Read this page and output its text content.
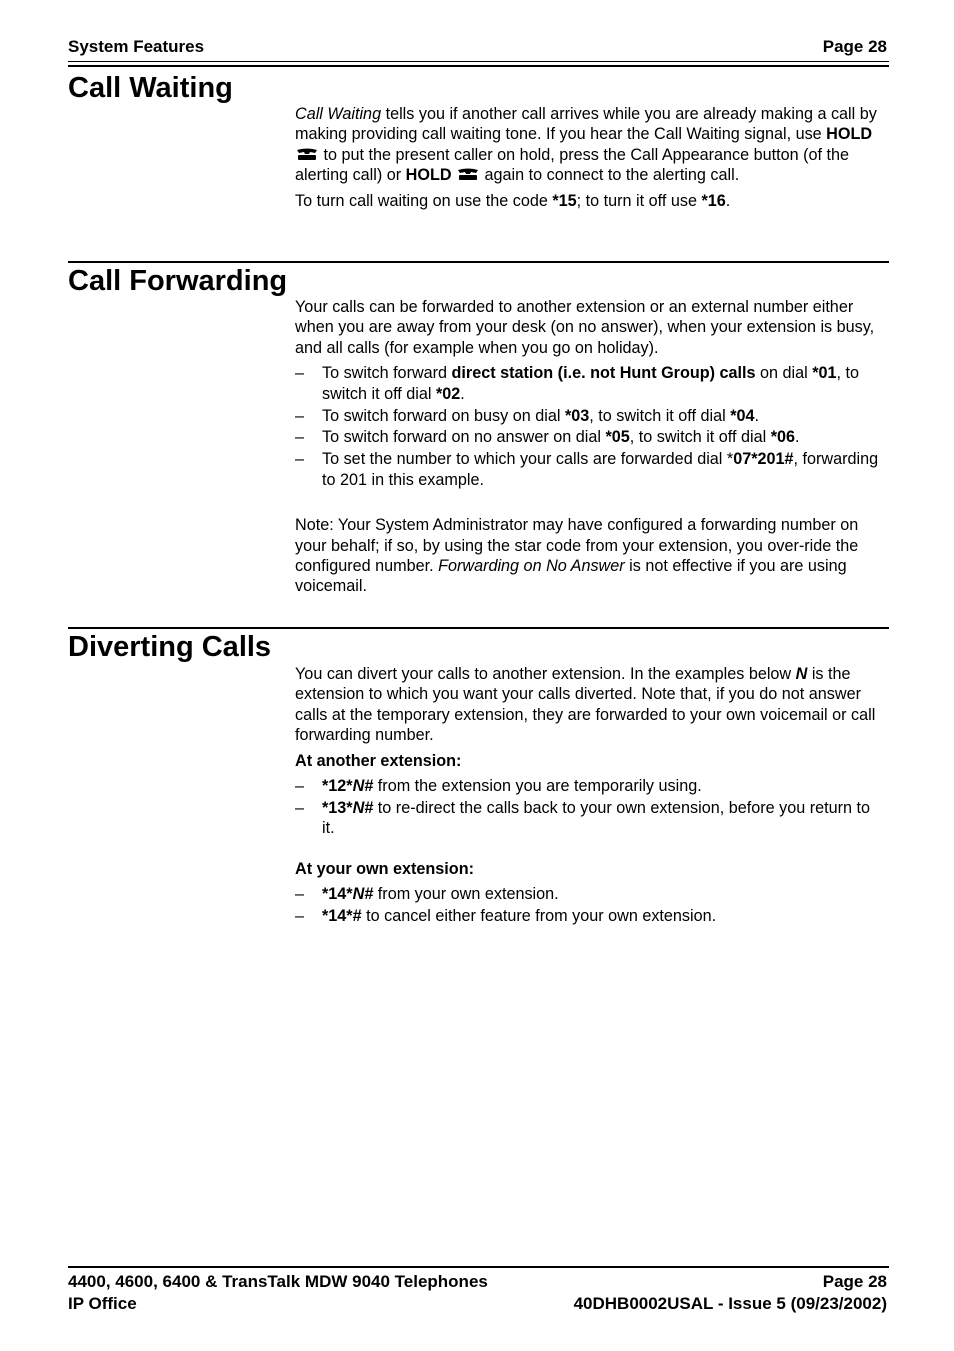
System Features	Page 28
Call Waiting

Call Waiting tells you if another call arrives while you are already making a call by making providing call waiting tone. If you hear the Call Waiting signal, use HOLD  to put the present caller on hold, press the Call Appearance button (of the alerting call) or HOLD  again to connect to the alerting call.

To turn call waiting on use the code *15; to turn it off use *16.

Call Forwarding

Your calls can be forwarded to another extension or an external number either when you are away from your desk (on no answer), when your extension is busy, and all calls (for example when you go on holiday).

– To switch forward direct station (i.e. not Hunt Group) calls on dial *01, to switch it off dial *02.
– To switch forward on busy on dial *03, to switch it off dial *04.
– To switch forward on no answer on dial *05, to switch it off dial *06.
– To set the number to which your calls are forwarded dial *07*201#, forwarding to 201 in this example.

Note: Your System Administrator may have configured a forwarding number on your behalf; if so, by using the star code from your extension, you over-ride the configured number. Forwarding on No Answer is not effective if you are using voicemail.

Diverting Calls

You can divert your calls to another extension. In the examples below N is the extension to which you want your calls diverted. Note that, if you do not answer calls at the temporary extension, they are forwarded to your own voicemail or call forwarding number.

At another extension:

– *12*N# from the extension you are temporarily using.
– *13*N# to re-direct the calls back to your own extension, before you return to it.

At your own extension:

– *14*N# from your own extension.
– *14*# to cancel either feature from your own extension.
4400, 4600, 6400 & TransTalk MDW 9040 Telephones	Page 28
IP Office	40DHB0002USAL - Issue 5 (09/23/2002)
